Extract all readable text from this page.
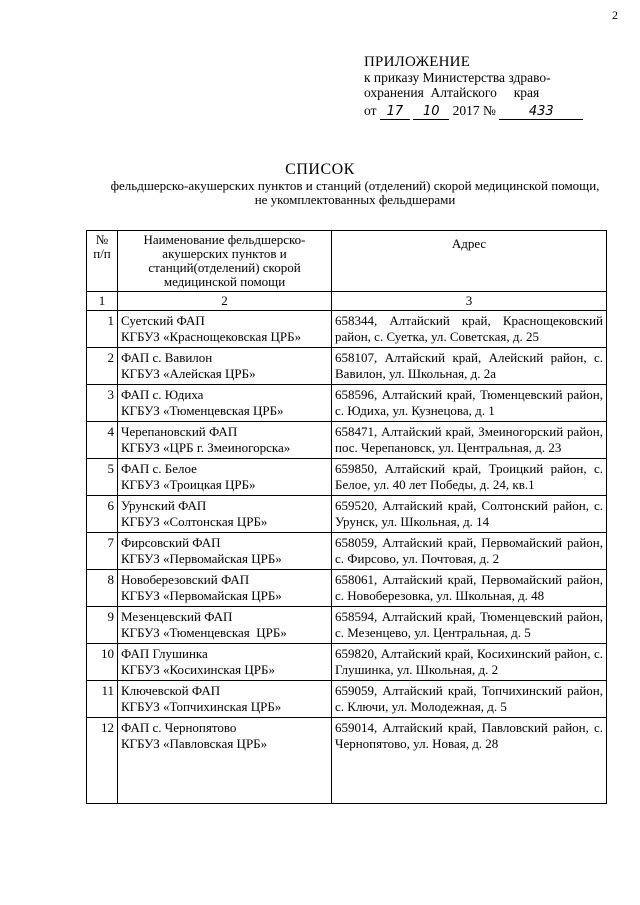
2
ПРИЛОЖЕНИЕ
к приказу Министерства здраво-
охранения  Алтайского     края
от 17 10 2017 №	433
СПИСОК
фельдшерско-акушерских пунктов и станций (отделений) скорой медицинской помощи, не укомплектованных фельдшерами
№ п/п	Наименование фельдшерско-акушерских пунктов и станций(отделений) скорой медицинской помощи	Адрес
1	2	3
1	Суетский ФАП
КГБУЗ «Краснощековская ЦРБ»	658344, Алтайский край, Краснощековский район, с. Суетка, ул. Советская, д. 25
2	ФАП с. Вавилон
КГБУЗ «Алейская ЦРБ»	658107, Алтайский край, Алейский район, с. Вавилон, ул. Школьная, д. 2а
3	ФАП с. Юдиха
КГБУЗ «Тюменцевская ЦРБ»	658596, Алтайский край, Тюменцевский район, с. Юдиха, ул. Кузнецова, д. 1
4	Черепановский ФАП
КГБУЗ «ЦРБ г. Змеиногорска»	658471, Алтайский край, Змеиногорский район, пос. Черепановск, ул. Центральная, д. 23
5	ФАП с. Белое
КГБУЗ «Троицкая ЦРБ»	659850, Алтайский край, Троицкий район, с. Белое, ул. 40 лет Победы, д. 24, кв.1
6	Урунский ФАП
КГБУЗ «Солтонская ЦРБ»	659520, Алтайский край, Солтонский район, с. Урунск, ул. Школьная, д. 14
7	Фирсовский ФАП
КГБУЗ «Первомайская ЦРБ»	658059, Алтайский край, Первомайский район, с. Фирсово, ул. Почтовая, д. 2
8	Новоберезовский ФАП
КГБУЗ «Первомайская ЦРБ»	658061, Алтайский край, Первомайский район, с. Новоберезовка, ул. Школьная, д. 48
9	Мезенцевский ФАП
КГБУЗ «Тюменцевская  ЦРБ»	658594, Алтайский край, Тюменцевский район, с. Мезенцево, ул. Центральная, д. 5
10	ФАП Глушинка
КГБУЗ «Косихинская ЦРБ»	659820, Алтайский край, Косихинский район, с. Глушинка, ул. Школьная, д. 2
11	Ключевской ФАП
КГБУЗ «Топчихинская ЦРБ»	659059, Алтайский край, Топчихинский район, с. Ключи, ул. Молодежная, д. 5
12	ФАП с. Чернопятово
КГБУЗ «Павловская ЦРБ»	659014, Алтайский край, Павловский район, с. Чернопятово, ул. Новая, д. 28
